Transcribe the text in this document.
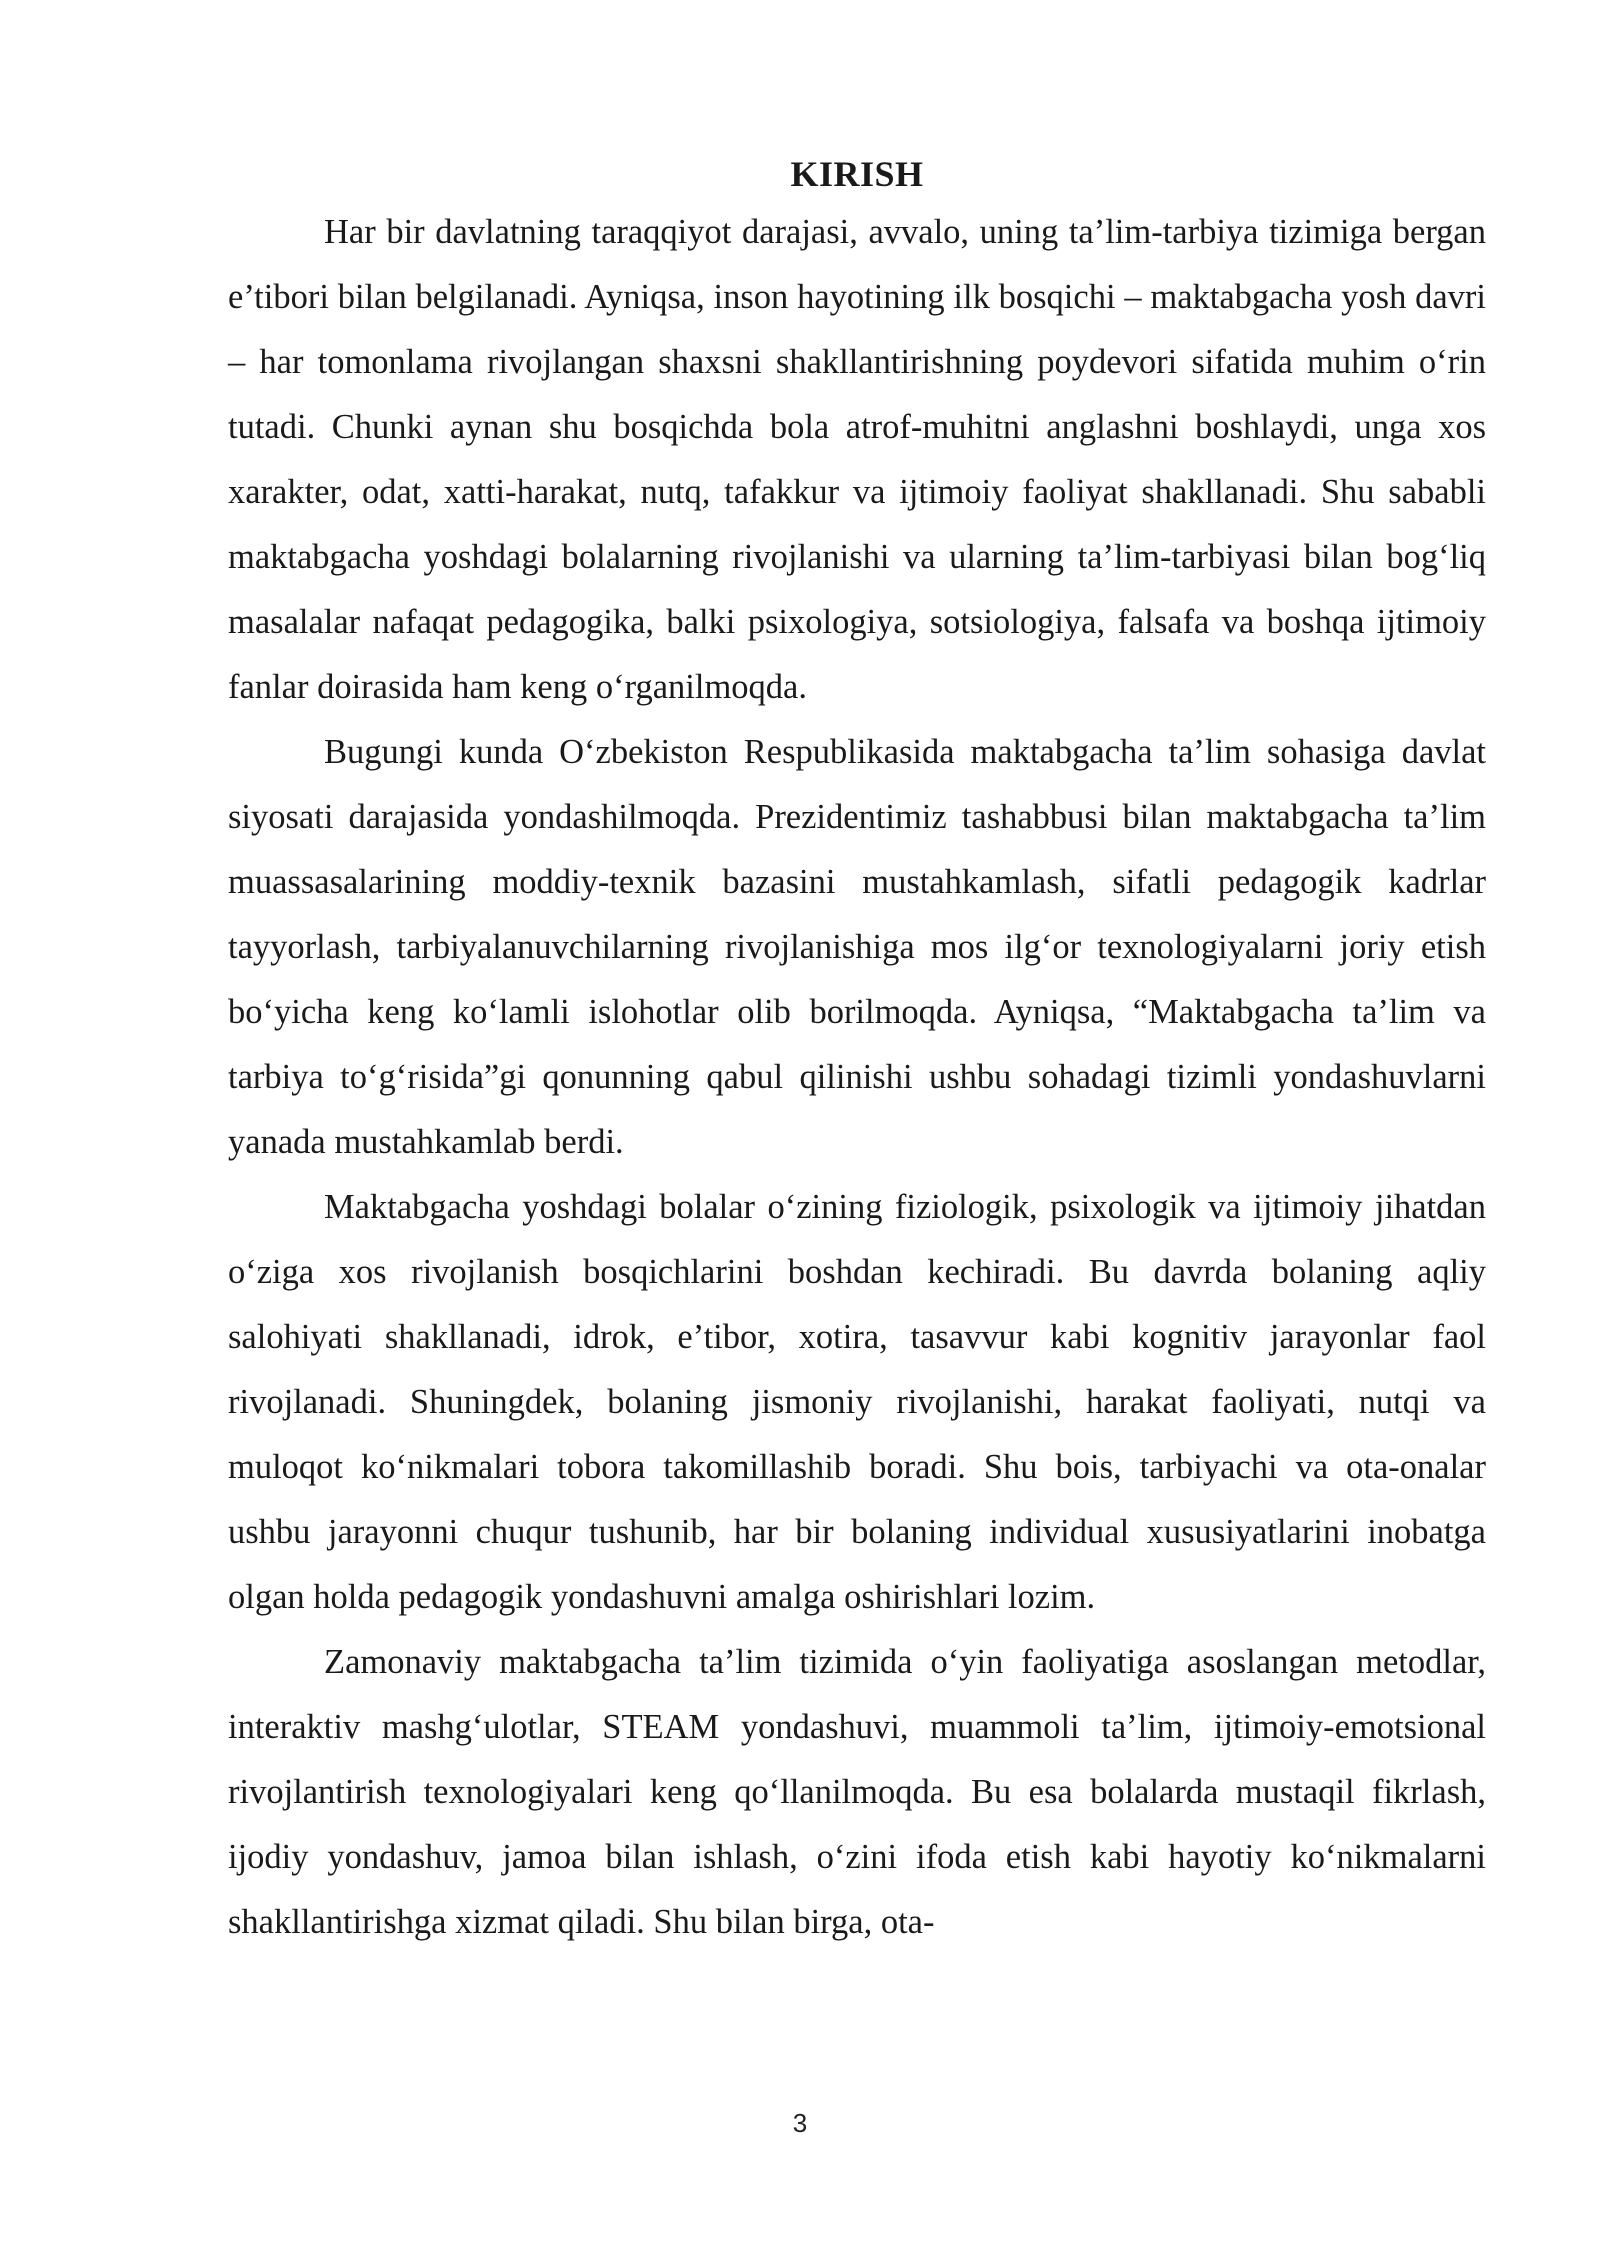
KIRISH

Har bir davlatning taraqqiyot darajasi, avvalo, uning ta’lim-tarbiya tizimiga bergan e’tibori bilan belgilanadi. Ayniqsa, inson hayotining ilk bosqichi – maktabgacha yosh davri – har tomonlama rivojlangan shaxsni shakllantirishning poydevori sifatida muhim o‘rin tutadi. Chunki aynan shu bosqichda bola atrof-muhitni anglashni boshlaydi, unga xos xarakter, odat, xatti-harakat, nutq, tafakkur va ijtimoiy faoliyat shakllanadi. Shu sababli maktabgacha yoshdagi bolalarning rivojlanishi va ularning ta’lim-tarbiyasi bilan bog‘liq masalalar nafaqat pedagogika, balki psixologiya, sotsiologiya, falsafa va boshqa ijtimoiy fanlar doirasida ham keng o‘rganilmoqda.

Bugungi kunda O‘zbekiston Respublikasida maktabgacha ta’lim sohasiga davlat siyosati darajasida yondashilmoqda. Prezidentimiz tashabbusi bilan maktabgacha ta’lim muassasalarining moddiy-texnik bazasini mustahkamlash, sifatli pedagogik kadrlar tayyorlash, tarbiyalanuvchilarning rivojlanishiga mos ilg‘or texnologiyalarni joriy etish bo‘yicha keng ko‘lamli islohotlar olib borilmoqda. Ayniqsa, “Maktabgacha ta’lim va tarbiya to‘g‘risida”gi qonunning qabul qilinishi ushbu sohadagi tizimli yondashuvlarni yanada mustahkamlab berdi.

Maktabgacha yoshdagi bolalar o‘zining fiziologik, psixologik va ijtimoiy jihatdan o‘ziga xos rivojlanish bosqichlarini boshdan kechiradi. Bu davrda bolaning aqliy salohiyati shakllanadi, idrok, e’tibor, xotira, tasavvur kabi kognitiv jarayonlar faol rivojlanadi. Shuningdek, bolaning jismoniy rivojlanishi, harakat faoliyati, nutqi va muloqot ko‘nikmalari tobora takomillashib boradi. Shu bois, tarbiyachi va ota-onalar ushbu jarayonni chuqur tushunib, har bir bolaning individual xususiyatlarini inobatga olgan holda pedagogik yondashuvni amalga oshirishlari lozim.

Zamonaviy maktabgacha ta’lim tizimida o‘yin faoliyatiga asoslangan metodlar, interaktiv mashg‘ulotlar, STEAM yondashuvi, muammoli ta’lim, ijtimoiy-emotsional rivojlantirish texnologiyalari keng qo‘llanilmoqda. Bu esa bolalarda mustaqil fikrlash, ijodiy yondashuv, jamoa bilan ishlash, o‘zini ifoda etish kabi hayotiy ko‘nikmalarni shakllantirishga xizmat qiladi. Shu bilan birga, ota-

3
